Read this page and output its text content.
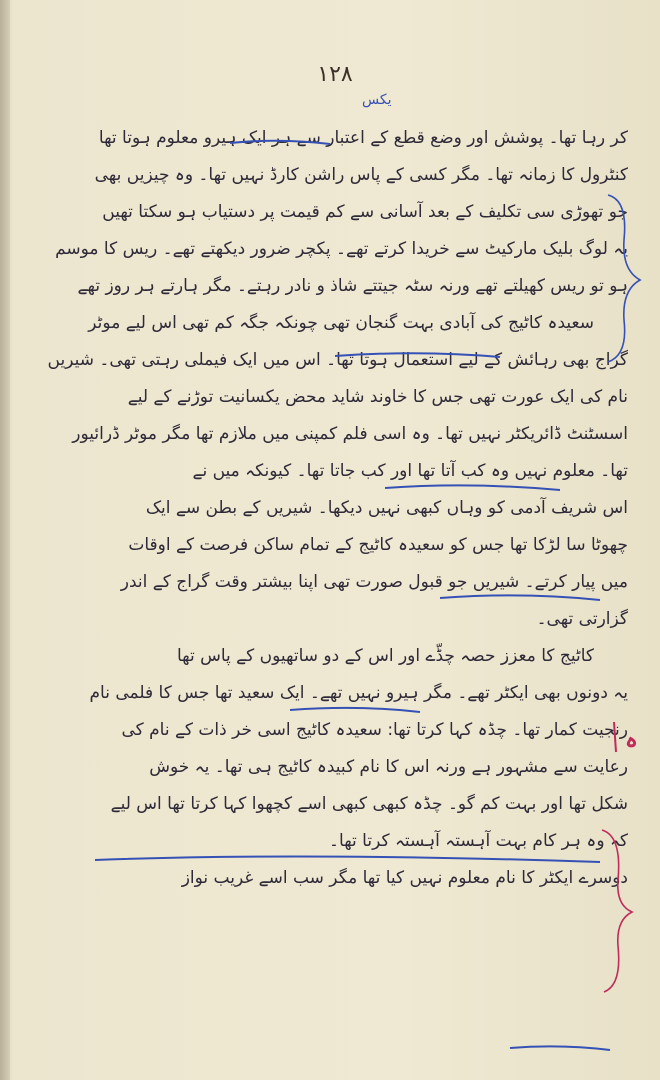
۱۲۸
یکس
کر رہا تھا۔ پوشش اور وضع قطع کے اعتبار سے ہر ایک ہیرو معلوم ہوتا تھا
کنٹرول کا زمانہ تھا۔ مگر کسی کے پاس راشن کارڈ نہیں تھا۔ وہ چیزیں بھی
جو تھوڑی سی تکلیف کے بعد آسانی سے کم قیمت پر دستیاب ہو سکتا تھیں
یہ لوگ بلیک مارکیٹ سے خریدا کرتے تھے۔ پکچر ضرور دیکھتے تھے۔ ریس کا موسم
ہو تو ریس کھیلتے تھے ورنہ سٹہ جیتتے شاذ و نادر رہتے۔ مگر ہارتے ہر روز تھے
سعیدہ کاٹیج کی آبادی بہت گنجان تھی چونکہ جگہ کم تھی اس لیے موٹر
گراج بھی رہائش کے لیے استعمال ہوتا تھا۔ اس میں ایک فیملی رہتی تھی۔ شیریں
نام کی ایک عورت تھی جس کا خاوند شاید محض یکسانیت توڑنے کے لیے
اسسٹنٹ ڈائریکٹر نہیں تھا۔ وہ اسی فلم کمپنی میں ملازم تھا مگر موٹر ڈرائیور
تھا۔ معلوم نہیں وہ کب آتا تھا اور کب جاتا تھا۔ کیونکہ میں نے
اس شریف آدمی کو وہاں کبھی نہیں دیکھا۔ شیریں کے بطن سے ایک
چھوٹا سا لڑکا تھا جس کو سعیدہ کاٹیج کے تمام ساکن فرصت کے اوقات
میں پیار کرتے۔ شیریں جو قبول صورت تھی اپنا بیشتر وقت گراج کے اندر
گزارتی تھی۔
کاٹیج کا معزز حصہ چڈّے اور اس کے دو ساتھیوں کے پاس تھا
یہ دونوں بھی ایکٹر تھے۔ مگر ہیرو نہیں تھے۔ ایک سعید تھا جس کا فلمی نام
رنجیت کمار تھا۔ چڈہ کہا کرتا تھا: سعیدہ کاٹیج اسی خر ذات کے نام کی
رعایت سے مشہور ہے ورنہ اس کا نام کبیدہ کاٹیج ہی تھا۔ یہ خوش
شکل تھا اور بہت کم گو۔ چڈہ کبھی کبھی اسے کچھوا کہا کرتا تھا اس لیے
کہ وہ ہر کام بہت آہستہ آہستہ کرتا تھا۔
دوسرے ایکٹر کا نام معلوم نہیں کیا تھا مگر سب اسے غریب نواز
ہ
